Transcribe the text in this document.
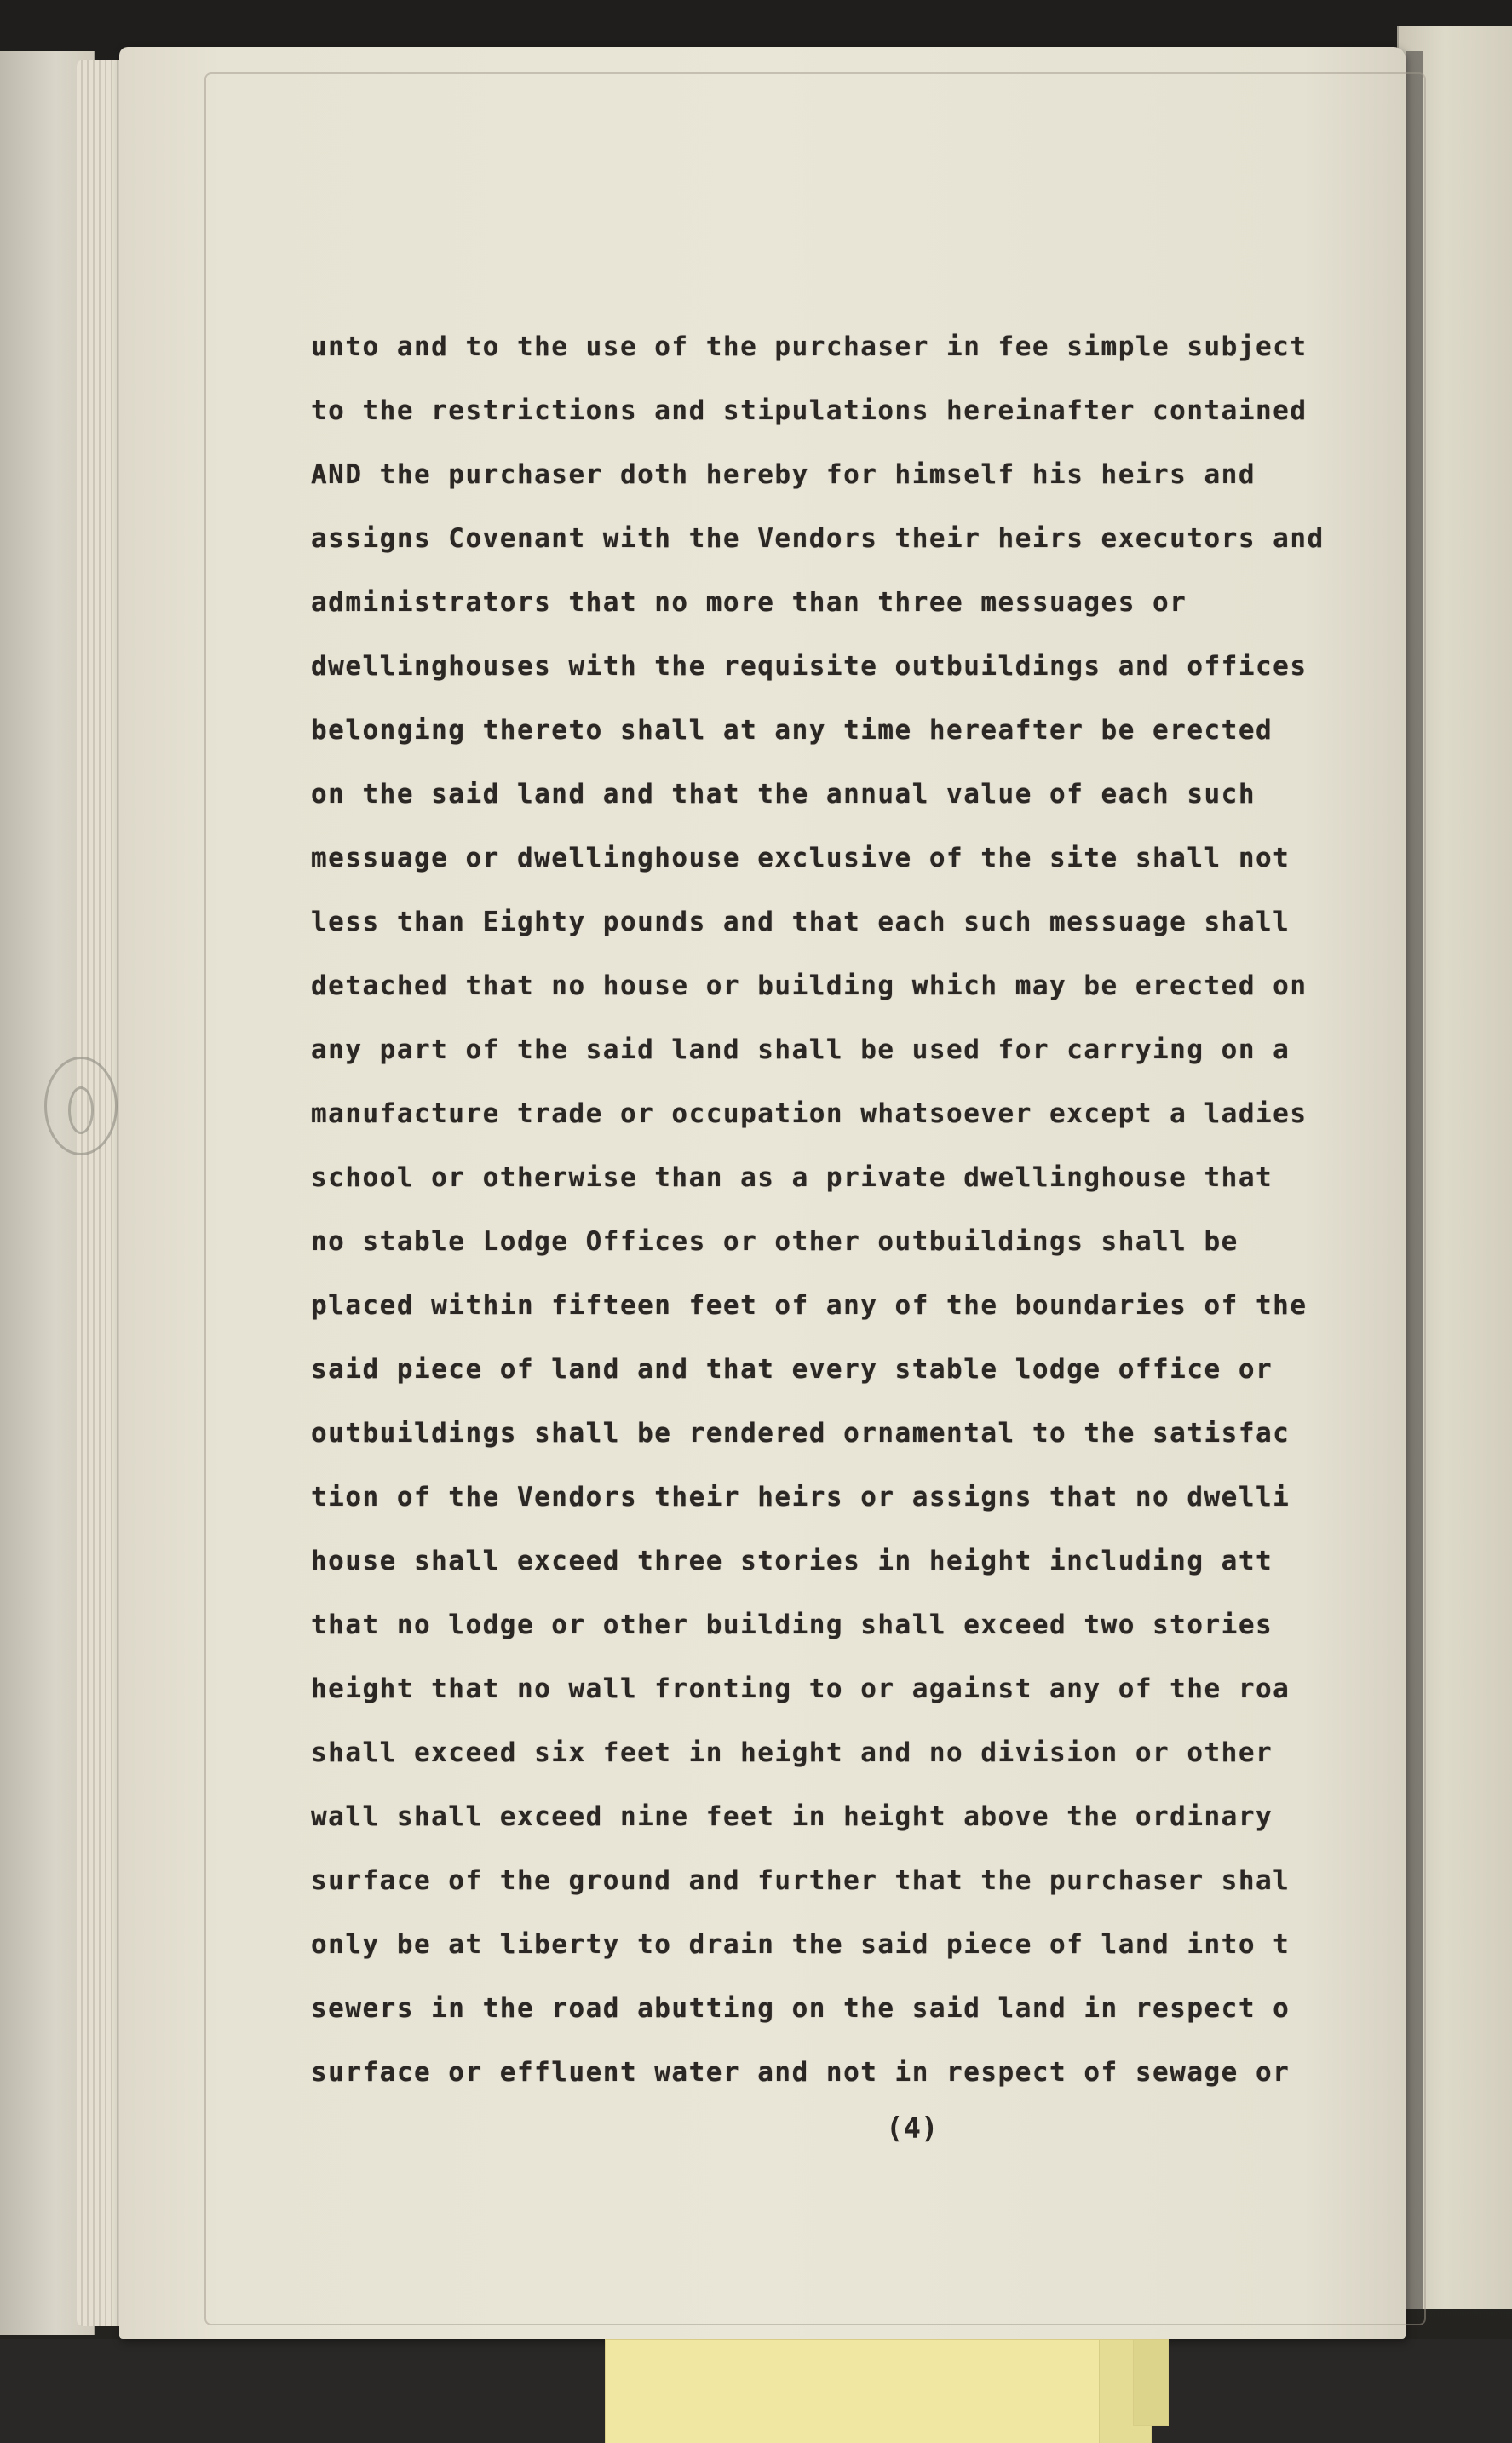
unto and to the use of the purchaser in fee simple subject
to the restrictions and stipulations hereinafter contained
AND the purchaser doth hereby for himself his heirs and
assigns Covenant with the Vendors their heirs executors and
administrators that no more than three messuages or
dwellinghouses with the requisite outbuildings and offices
belonging thereto shall at any time hereafter be erected
on the said land and that the annual value of each such
messuage or dwellinghouse exclusive of the site shall not
less than Eighty pounds and that each such messuage shall
detached that no house or building which may be erected on
any part of the said land shall be used for carrying on a
manufacture trade or occupation whatsoever except a ladies
school or otherwise than as a private dwellinghouse that
no stable Lodge Offices or other outbuildings shall be
placed within fifteen feet of any of the boundaries of the
said piece of land and that every stable lodge office or
outbuildings shall be rendered ornamental to the satisfac
tion of the Vendors their heirs or assigns that no dwelli
house shall exceed three stories in height including att
that no lodge or other building shall exceed two stories
height that no wall fronting to or against any of the roa
shall exceed six feet in height and no division or other
wall shall exceed nine feet in height above the ordinary
surface of the ground and further that the purchaser shal
only be at liberty to drain the said piece of land into t
sewers in the road abutting on the said land in respect o
surface or effluent water and not in respect of sewage or
(4)
